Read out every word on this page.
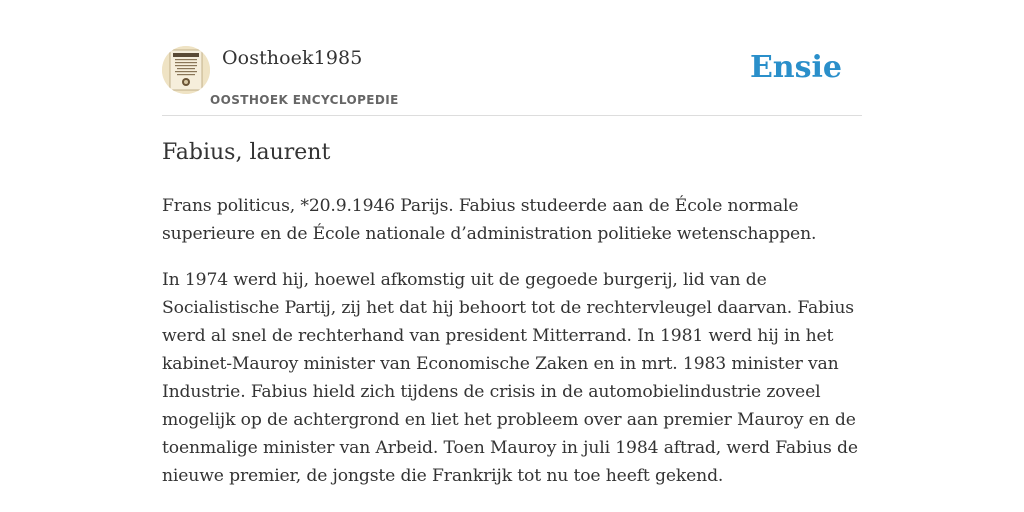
Oosthoek1985
OOSTHOEK ENCYCLOPEDIE
Ensie
Fabius, laurent

Frans politicus, *20.9.1946 Parijs. Fabius studeerde aan de École normale superieure en de École nationale d’administration politieke wetenschappen.

In 1974 werd hij, hoewel afkomstig uit de gegoede burgerij, lid van de Socialistische Partij, zij het dat hij behoort tot de rechtervleugel daarvan. Fabius werd al snel de rechterhand van president Mitterrand. In 1981 werd hij in het kabinet-Mauroy minister van Economische Zaken en in mrt. 1983 minister van Industrie. Fabius hield zich tijdens de crisis in de automobielindustrie zoveel mogelijk op de achtergrond en liet het probleem over aan premier Mauroy en de toenmalige minister van Arbeid. Toen Mauroy in juli 1984 aftrad, werd Fabius de nieuwe premier, de jongste die Frankrijk tot nu toe heeft gekend.
